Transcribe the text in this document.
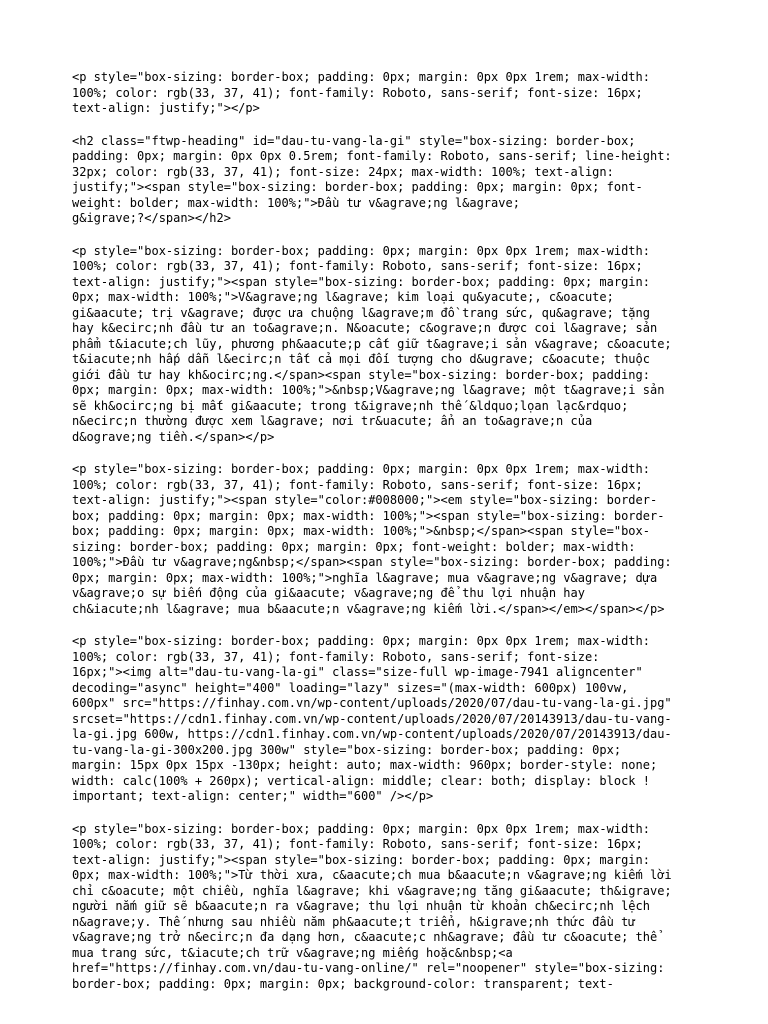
<p style="box-sizing: border-box; padding: 0px; margin: 0px 0px 1rem; max-width:
100%; color: rgb(33, 37, 41); font-family: Roboto, sans-serif; font-size: 16px;
text-align: justify;"></p>
<h2 class="ftwp-heading" id="dau-tu-vang-la-gi" style="box-sizing: border-box;
padding: 0px; margin: 0px 0px 0.5rem; font-family: Roboto, sans-serif; line-height:
32px; color: rgb(33, 37, 41); font-size: 24px; max-width: 100%; text-align:
justify;"><span style="box-sizing: border-box; padding: 0px; margin: 0px; font-
weight: bolder; max-width: 100%;">Đầu tư v&agrave;ng l&agrave;
g&igrave;?</span></h2>
<p style="box-sizing: border-box; padding: 0px; margin: 0px 0px 1rem; max-width:
100%; color: rgb(33, 37, 41); font-family: Roboto, sans-serif; font-size: 16px;
text-align: justify;"><span style="box-sizing: border-box; padding: 0px; margin:
0px; max-width: 100%;">V&agrave;ng l&agrave; kim loại qu&yacute;, c&oacute;
gi&aacute; trị v&agrave; được ưa chuộng l&agrave;m đồ trang sức, qu&agrave; tặng
hay k&ecirc;nh đầu tư an to&agrave;n. N&oacute; c&ograve;n được coi l&agrave; sản
phẩm t&iacute;ch lũy, phương ph&aacute;p cất giữ t&agrave;i sản v&agrave; c&oacute;
t&iacute;nh hấp dẫn l&ecirc;n tất cả mọi đối tượng cho d&ugrave; c&oacute; thuộc
giới đầu tư hay kh&ocirc;ng.</span><span style="box-sizing: border-box; padding:
0px; margin: 0px; max-width: 100%;">&nbsp;V&agrave;ng l&agrave; một t&agrave;i sản
sẽ kh&ocirc;ng bị mất gi&aacute; trong t&igrave;nh thế &ldquo;lọan lạc&rdquo;
n&ecirc;n thường được xem l&agrave; nơi tr&uacute; ẩn an to&agrave;n của
d&ograve;ng tiền.</span></p>
<p style="box-sizing: border-box; padding: 0px; margin: 0px 0px 1rem; max-width:
100%; color: rgb(33, 37, 41); font-family: Roboto, sans-serif; font-size: 16px;
text-align: justify;"><span style="color:#008000;"><em style="box-sizing: border-
box; padding: 0px; margin: 0px; max-width: 100%;"><span style="box-sizing: border-
box; padding: 0px; margin: 0px; max-width: 100%;">&nbsp;</span><span style="box-
sizing: border-box; padding: 0px; margin: 0px; font-weight: bolder; max-width:
100%;">Đầu tư v&agrave;ng&nbsp;</span><span style="box-sizing: border-box; padding:
0px; margin: 0px; max-width: 100%;">nghĩa l&agrave; mua v&agrave;ng v&agrave; dựa
v&agrave;o sự biến động của gi&aacute; v&agrave;ng để thu lợi nhuận hay
ch&iacute;nh l&agrave; mua b&aacute;n v&agrave;ng kiếm lời.</span></em></span></p>
<p style="box-sizing: border-box; padding: 0px; margin: 0px 0px 1rem; max-width:
100%; color: rgb(33, 37, 41); font-family: Roboto, sans-serif; font-size:
16px;"><img alt="dau-tu-vang-la-gi" class="size-full wp-image-7941 aligncenter"
decoding="async" height="400" loading="lazy" sizes="(max-width: 600px) 100vw,
600px" src="https://finhay.com.vn/wp-content/uploads/2020/07/dau-tu-vang-la-gi.jpg"
srcset="https://cdn1.finhay.com.vn/wp-content/uploads/2020/07/20143913/dau-tu-vang-
la-gi.jpg 600w, https://cdn1.finhay.com.vn/wp-content/uploads/2020/07/20143913/dau-
tu-vang-la-gi-300x200.jpg 300w" style="box-sizing: border-box; padding: 0px;
margin: 15px 0px 15px -130px; height: auto; max-width: 960px; border-style: none;
width: calc(100% + 260px); vertical-align: middle; clear: both; display: block !
important; text-align: center;" width="600" /></p>
<p style="box-sizing: border-box; padding: 0px; margin: 0px 0px 1rem; max-width:
100%; color: rgb(33, 37, 41); font-family: Roboto, sans-serif; font-size: 16px;
text-align: justify;"><span style="box-sizing: border-box; padding: 0px; margin:
0px; max-width: 100%;">Từ thời xưa, c&aacute;ch mua b&aacute;n v&agrave;ng kiếm lời
chỉ c&oacute; một chiều, nghĩa l&agrave; khi v&agrave;ng tăng gi&aacute; th&igrave;
người nắm giữ sẽ b&aacute;n ra v&agrave; thu lợi nhuận từ khoản ch&ecirc;nh lệch
n&agrave;y. Thế nhưng sau nhiều năm ph&aacute;t triển, h&igrave;nh thức đầu tư
v&agrave;ng trở n&ecirc;n đa dạng hơn, c&aacute;c nh&agrave; đầu tư c&oacute; thể
mua trang sức, t&iacute;ch trữ v&agrave;ng miếng hoặc&nbsp;<a
href="https://finhay.com.vn/dau-tu-vang-online/" rel="noopener" style="box-sizing:
border-box; padding: 0px; margin: 0px; background-color: transparent; text-
